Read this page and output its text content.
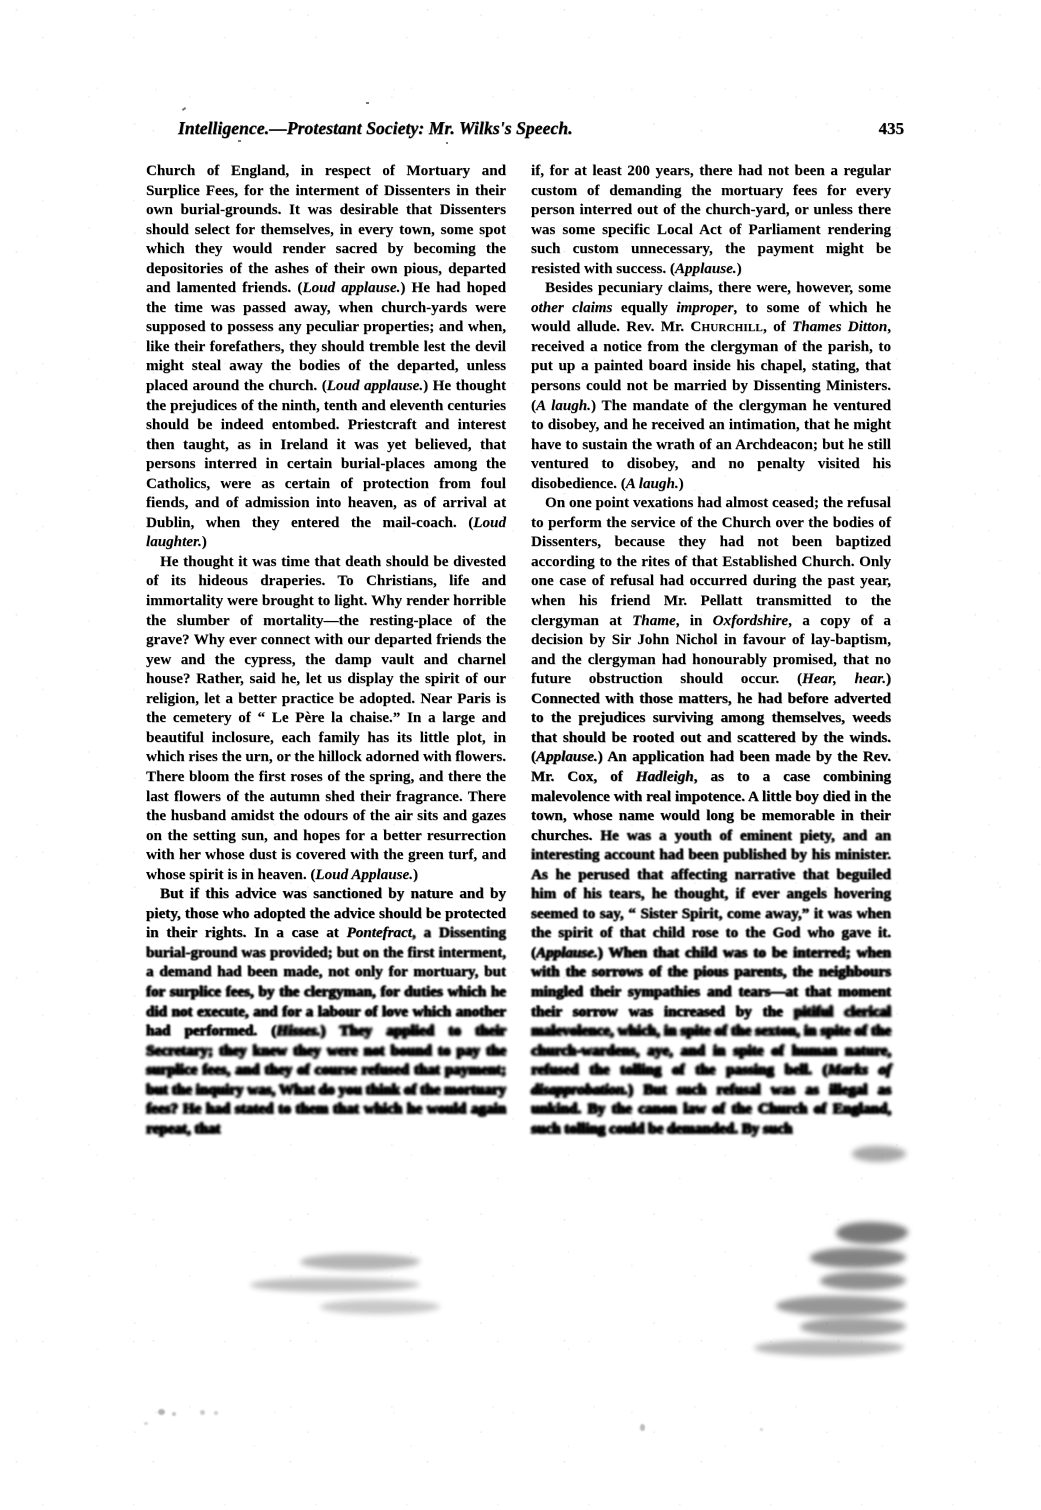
Intelligence.—Protestant Society: Mr. Wilks's Speech.	435

Church of England, in respect of Mortuary and Surplice Fees, for the interment of Dissenters in their own burial-grounds. It was desirable that Dissenters should select for themselves, in every town, some spot which they would render sacred by becoming the depositories of the ashes of their own pious, departed and lamented friends. (Loud applause.) He had hoped the time was passed away, when church-yards were supposed to possess any peculiar properties; and when, like their forefathers, they should tremble lest the devil might steal away the bodies of the departed, unless placed around the church. (Loud applause.) He thought the prejudices of the ninth, tenth and eleventh centuries should be indeed entombed. Priestcraft and interest then taught, as in Ireland it was yet believed, that persons interred in certain burial-places among the Catholics, were as certain of protection from foul fiends, and of admission into heaven, as of arrival at Dublin, when they entered the mail-coach. (Loud laughter.)

He thought it was time that death should be divested of its hideous draperies. To Christians, life and immortality were brought to light. Why render horrible the slumber of mortality—the resting-place of the grave? Why ever connect with our departed friends the yew and the cypress, the damp vault and charnel house? Rather, said he, let us display the spirit of our religion, let a better practice be adopted. Near Paris is the cemetery of “ Le Père la chaise.” In a large and beautiful inclosure, each family has its little plot, in which rises the urn, or the hillock adorned with flowers. There bloom the first roses of the spring, and there the last flowers of the autumn shed their fragrance. There the husband amidst the odours of the air sits and gazes on the setting sun, and hopes for a better resurrection with her whose dust is covered with the green turf, and whose spirit is in heaven. (Loud Applause.)

But if this advice was sanctioned by nature and by piety, those who adopted the advice should be protected in their rights. In a case at Pontefract, a Dissenting burial-ground was provided; but on the first interment, a demand had been made, not only for mortuary, but for surplice fees, by the clergyman, for duties which he did not execute, and for a labour of love which another had performed. (Hisses.) They applied to their Secretary; they knew they were not bound to pay the surplice fees, and they of course refused that payment; but the inquiry was, What do you think of the mortuary fees? He had stated to them that which he would again repeat, that

if, for at least 200 years, there had not been a regular custom of demanding the mortuary fees for every person interred out of the church-yard, or unless there was some specific Local Act of Parliament rendering such custom unnecessary, the payment might be resisted with success. (Applause.)

Besides pecuniary claims, there were, however, some other claims equally improper, to some of which he would allude. Rev. Mr. Churchill, of Thames Ditton, received a notice from the clergyman of the parish, to put up a painted board inside his chapel, stating, that persons could not be married by Dissenting Ministers. (A laugh.) The mandate of the clergyman he ventured to disobey, and he received an intimation, that he might have to sustain the wrath of an Archdeacon; but he still ventured to disobey, and no penalty visited his disobedience. (A laugh.)

On one point vexations had almost ceased; the refusal to perform the service of the Church over the bodies of Dissenters, because they had not been baptized according to the rites of that Established Church. Only one case of refusal had occurred during the past year, when his friend Mr. Pellatt transmitted to the clergyman at Thame, in Oxfordshire, a copy of a decision by Sir John Nichol in favour of lay-baptism, and the clergyman had honourably promised, that no future obstruction should occur. (Hear, hear.) Connected with those matters, he had before adverted to the prejudices surviving among themselves, weeds that should be rooted out and scattered by the winds. (Applause.) An application had been made by the Rev. Mr. Cox, of Hadleigh, as to a case combining malevolence with real impotence. A little boy died in the town, whose name would long be memorable in their churches. He was a youth of eminent piety, and an interesting account had been published by his minister. As he perused that affecting narrative that beguiled him of his tears, he thought, if ever angels hovering seemed to say, “ Sister Spirit, come away,” it was when the spirit of that child rose to the God who gave it. (Applause.) When that child was to be interred; when with the sorrows of the pious parents, the neighbours mingled their sympathies and tears—at that moment their sorrow was increased by the pitiful clerical malevolence, which, in spite of the sexton, in spite of the church-wardens, aye, and in spite of human nature, refused the tolling of the passing bell. (Marks of disapprobation.) But such refusal was as illegal as unkind. By the canon law of the Church of England, such tolling could be demanded. By such
